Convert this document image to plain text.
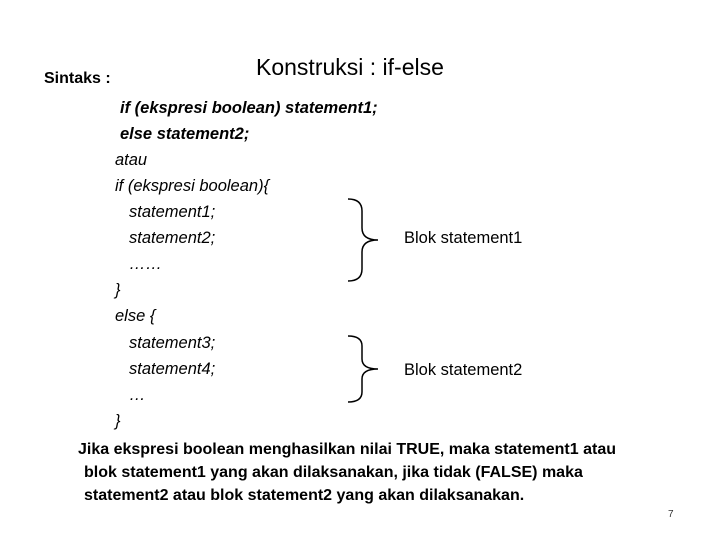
Konstruksi : if-else
Sintaks :
if (ekspresi boolean) statement1;
else statement2;
atau
if (ekspresi boolean){
statement1;
statement2;
……
}
else {
statement3;
statement4;
…
}
Blok statement1
Blok statement2
Jika ekspresi boolean menghasilkan nilai TRUE, maka statement1 atau
blok statement1 yang akan dilaksanakan, jika tidak (FALSE) maka
statement2 atau blok statement2 yang akan dilaksanakan.
7
